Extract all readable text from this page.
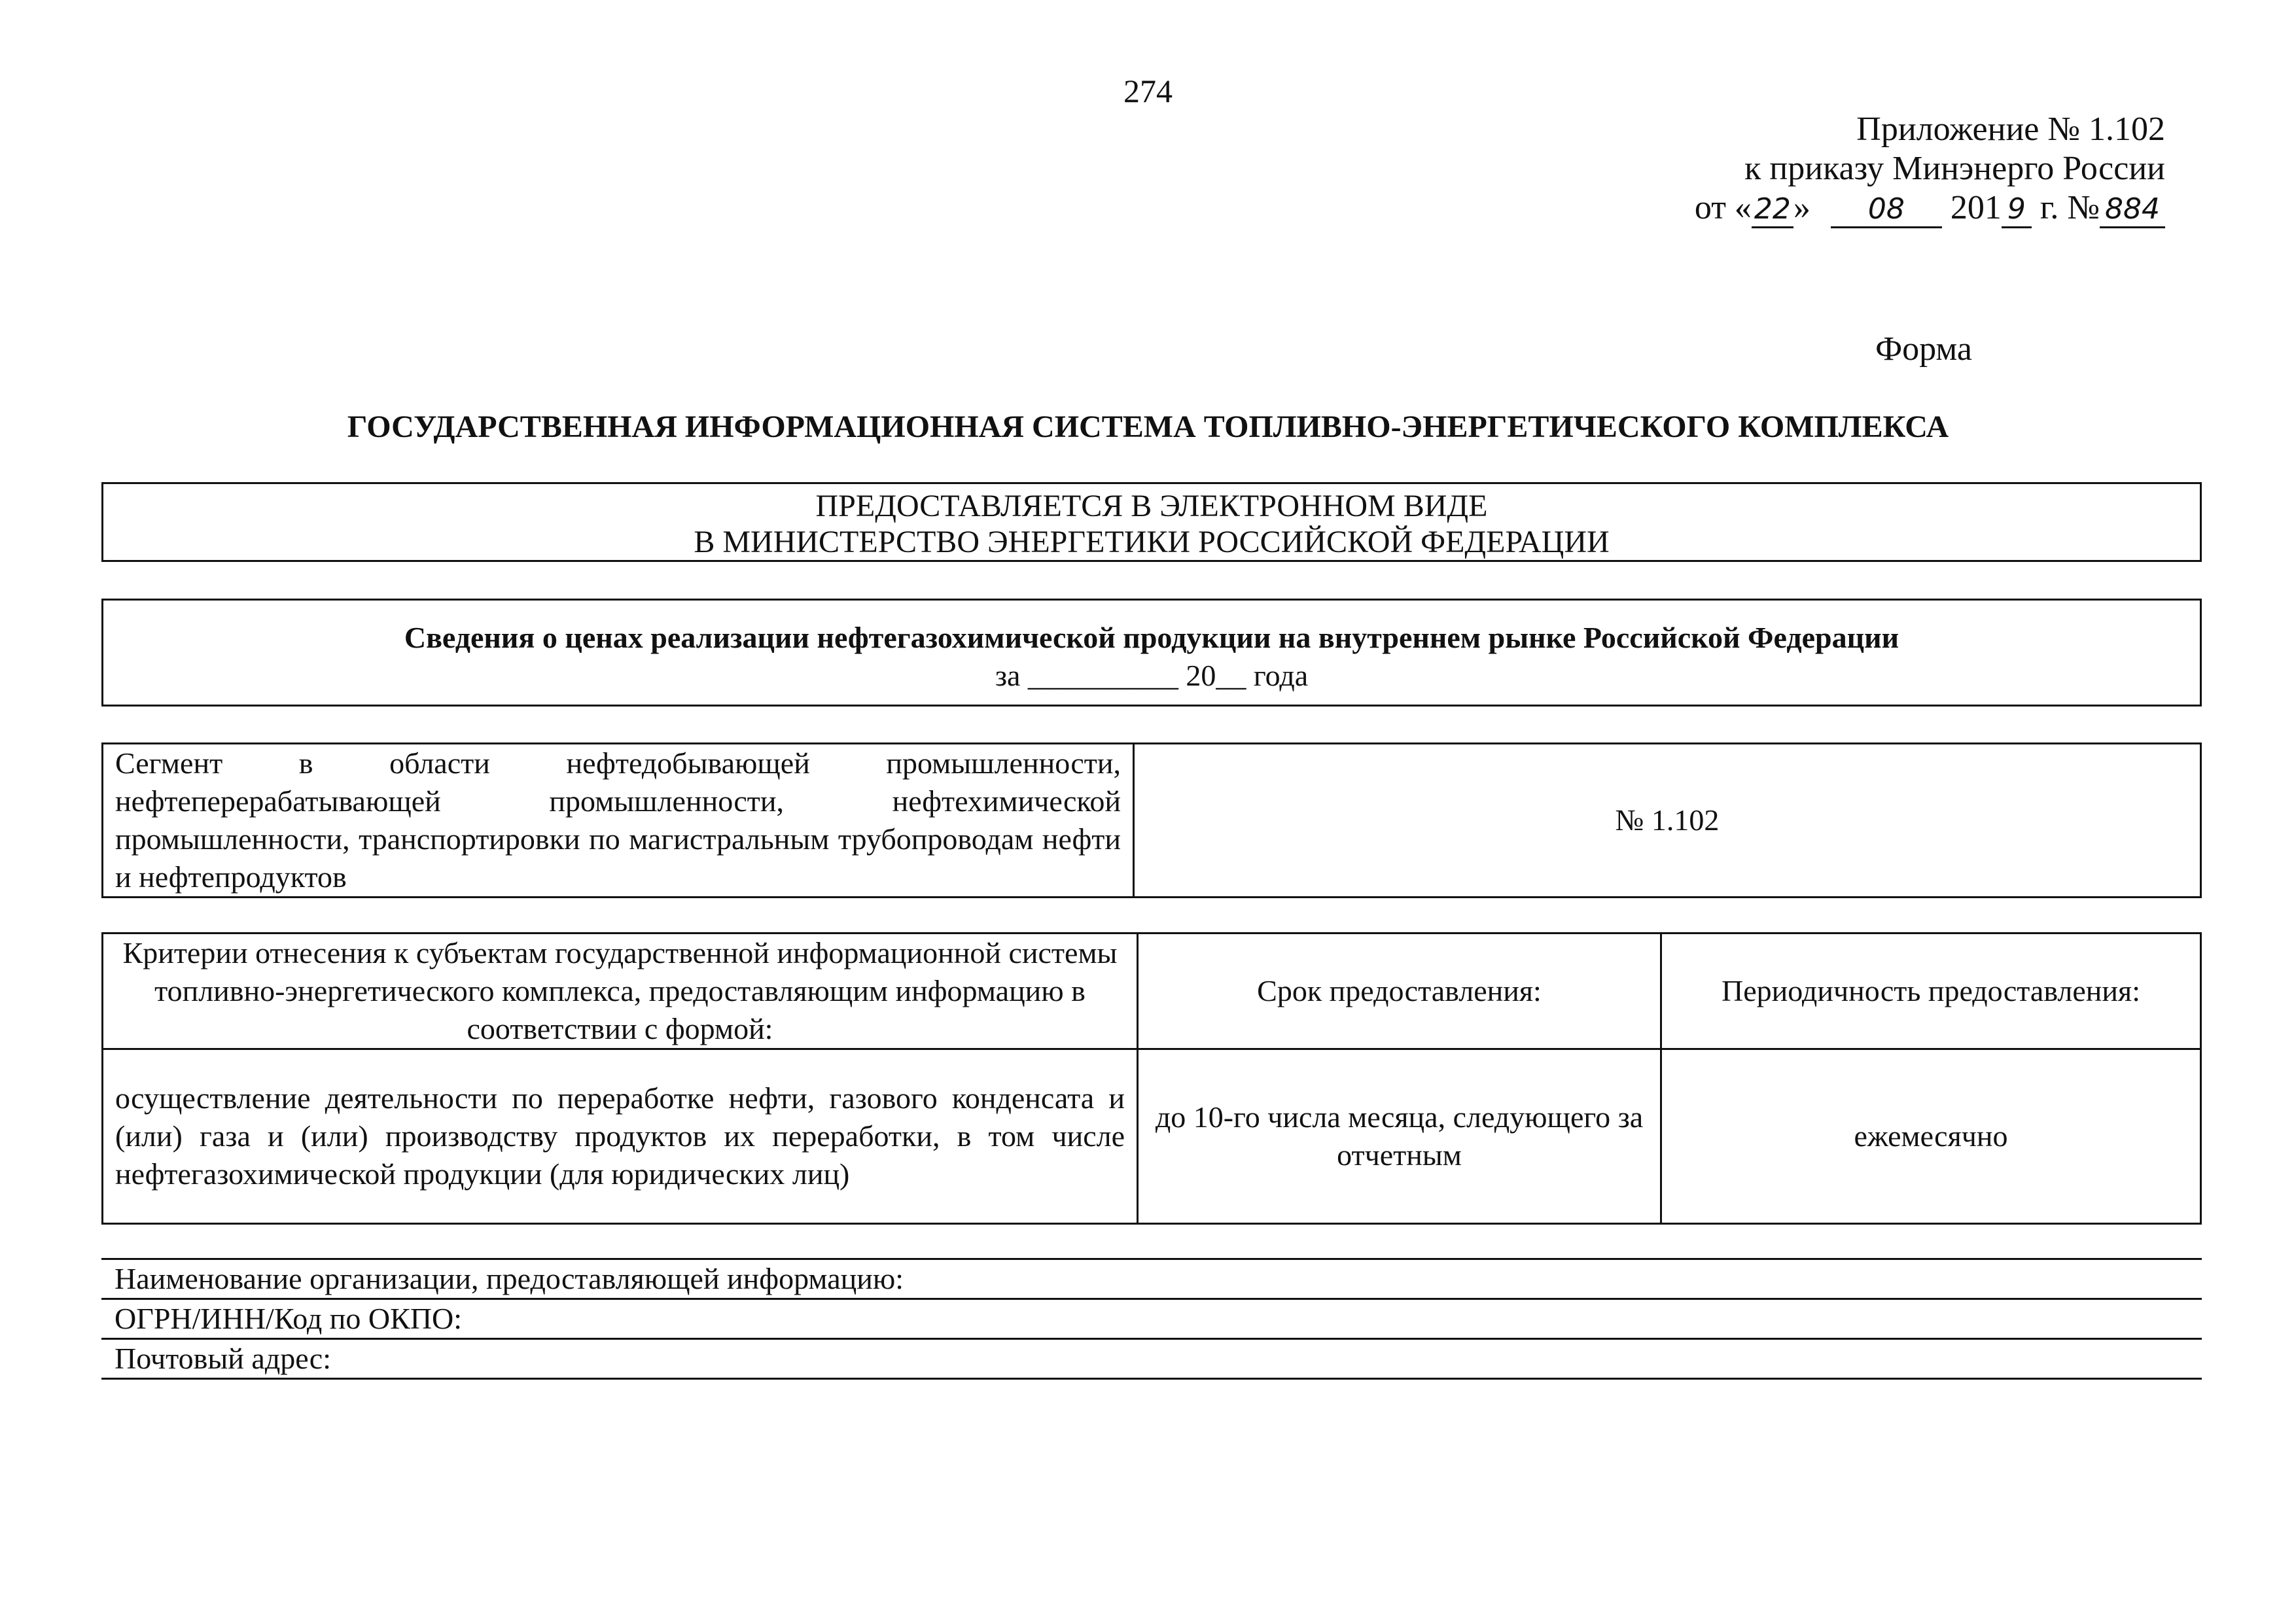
274
Приложение № 1.102
к приказу Минэнерго России
от «22» 08 201 9 г. № 884
Форма
ГОСУДАРСТВЕННАЯ ИНФОРМАЦИОННАЯ СИСТЕМА ТОПЛИВНО-ЭНЕРГЕТИЧЕСКОГО КОМПЛЕКСА
ПРЕДОСТАВЛЯЕТСЯ В ЭЛЕКТРОННОМ ВИДЕ
В МИНИСТЕРСТВО ЭНЕРГЕТИКИ РОССИЙСКОЙ ФЕДЕРАЦИИ
Сведения о ценах реализации нефтегазохимической продукции на внутреннем рынке Российской Федерации
за __________ 20__ года
Сегмент в области нефтедобывающей промышленности, нефтеперерабатывающей промышленности, нефтехимической промышленности, транспортировки по магистральным трубопроводам нефти и нефтепродуктов	№ 1.102
Критерии отнесения к субъектам государственной информационной системы топливно-энергетического комплекса, предоставляющим информацию в соответствии с формой:	Срок предоставления:	Периодичность предоставления:
осуществление деятельности по переработке нефти, газового конденсата и (или) газа и (или) производству продуктов их переработки, в том числе нефтегазохимической продукции (для юридических лиц)	до 10-го числа месяца, следующего за отчетным	ежемесячно
Наименование организации, предоставляющей информацию:
ОГРН/ИНН/Код по ОКПО:
Почтовый адрес:
